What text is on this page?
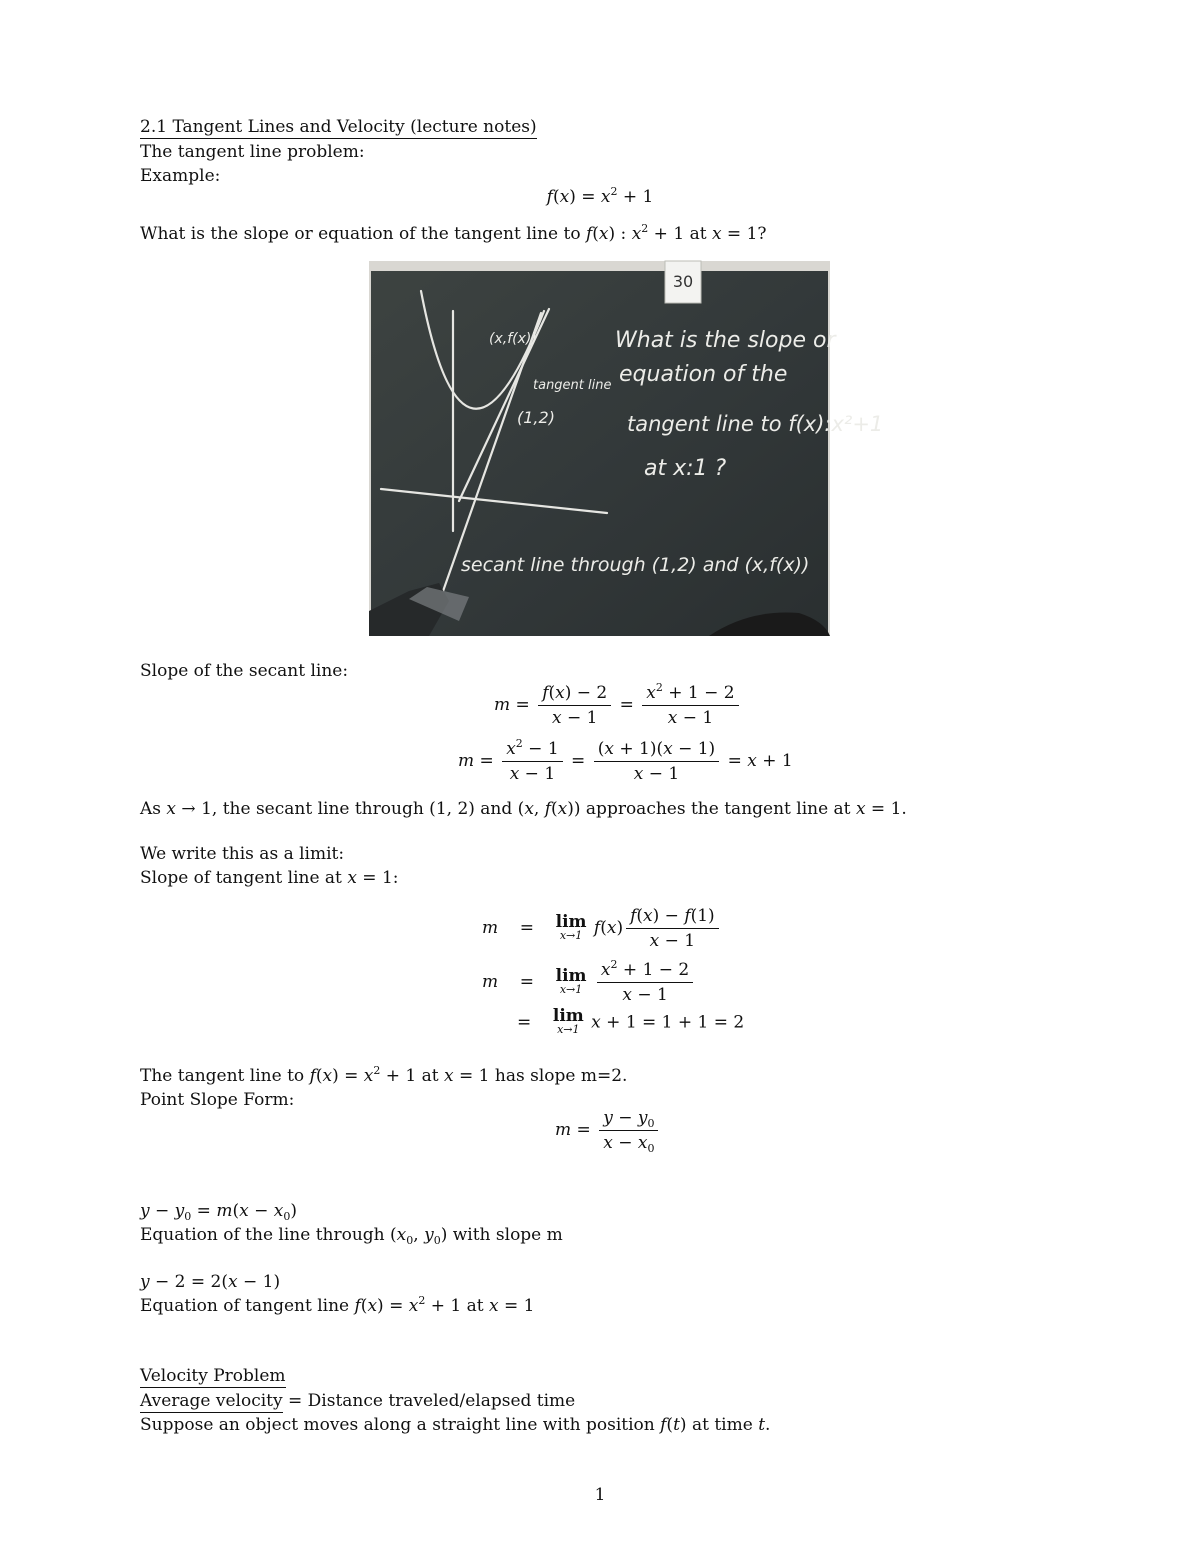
2.1 Tangent Lines and Velocity (lecture notes)
The tangent line problem:
Example:
$f(x) = x^2 + 1$
What is the slope or equation of the tangent line to f(x) : $x^2 + 1$ at x = 1?
30
(x,f(x))
tangent line
(1,2)
What is the slope or
equation of the
tangent line to f(x):x²+1
at x:1 ?
secant line through (1,2) and (x,f(x))
Slope of the secant line:
$m = \frac{f(x) - 2}{x - 1} = \frac{x^2 + 1 - 2}{x - 1}$
$m = \frac{x^2 - 1}{x - 1} = \frac{(x + 1)(x - 1)}{x - 1} = x + 1$
As x → 1, the secant line through (1, 2) and (x, f(x)) approaches the tangent line at x = 1.
We write this as a limit:
Slope of tangent line at x = 1:
m    = lim
x→1 $f(x) \frac{f(x) - f(1)}{x - 1}$
m    = lim
x→1
$\frac{x^2 + 1 - 2}{x - 1}$
= lim
x→1 x + 1 = 1 + 1 = 2
The tangent line to $f(x) = x^2 + 1$ at x = 1 has slope m=2.
Point Slope Form:
$m = \frac{y - y_0}{x - x_0}$
$y - y_0 = m(x - x_0)$
Equation of the line through ($x_0$, $y_0$) with slope m
y − 2 = 2(x − 1)
Equation of tangent line $f(x) = x^2 + 1$ at x = 1
Velocity Problem
Average velocity = Distance traveled/elapsed time
Suppose an object moves along a straight line with position f(t) at time t.
1
